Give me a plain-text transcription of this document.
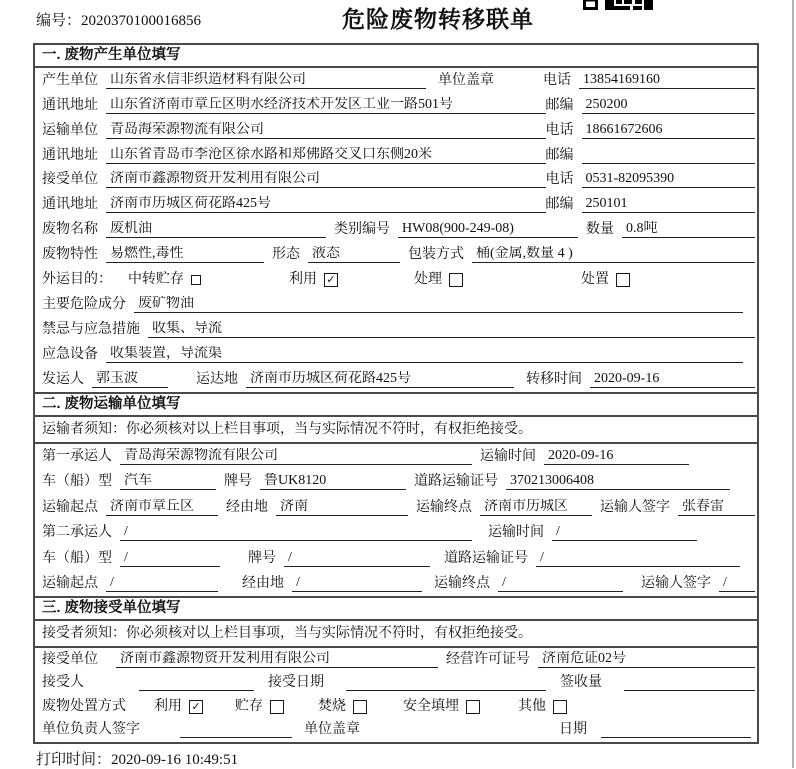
编号：2020370100016856	危险废物转移联单
一. 废物产生单位填写
产生单位 山东省永信非织造材料有限公司	单位盖章	电话 13854169160
通讯地址 山东省济南市章丘区明水经济技术开发区工业一路501号	邮编 250200
运输单位 青岛海荣源物流有限公司	电话 18661672606
通讯地址 山东省青岛市李沧区徐水路和郑佛路交叉口东侧20米	邮编
接受单位 济南市鑫源物资开发利用有限公司	电话 0531-82095390
通讯地址 济南市历城区荷花路425号	邮编 250101
废物名称 废机油	类别编号 HW08(900-249-08)	数量 0.8吨
废物特性 易燃性,毒性	形态 液态	包装方式 桶(金属,数量 4 )
外运目的： 中转贮存	利用 ✓	处理	处置
主要危险成分 废矿物油
禁忌与应急措施 收集、导流
应急设备 收集装置，导流渠
发运人 郭玉波	运达地 济南市历城区荷花路425号	转移时间 2020-09-16
二. 废物运输单位填写
运输者须知：你必须核对以上栏目事项，当与实际情况不符时，有权拒绝接受。
第一承运人 青岛海荣源物流有限公司	运输时间 2020-09-16
车（船）型 汽车	牌号 鲁UK8120	道路运输证号 370213006408
运输起点 济南市章丘区	经由地 济南	运输终点 济南市历城区	运输人签字 张春雷
第二承运人 /	运输时间 /
车（船）型 /	牌号 /	道路运输证号 /
运输起点 /	经由地 /	运输终点 /	运输人签字 /
三. 废物接受单位填写
接受者须知：你必须核对以上栏目事项，当与实际情况不符时，有权拒绝接受。
接受单位 济南市鑫源物资开发利用有限公司	经营许可证号 济南危证02号
接受人	接受日期	签收量
废物处置方式 利用 ✓ 贮存	焚烧	安全填埋	其他
单位负责人签字	单位盖章	日期
打印时间：2020-09-16 10:49:51
